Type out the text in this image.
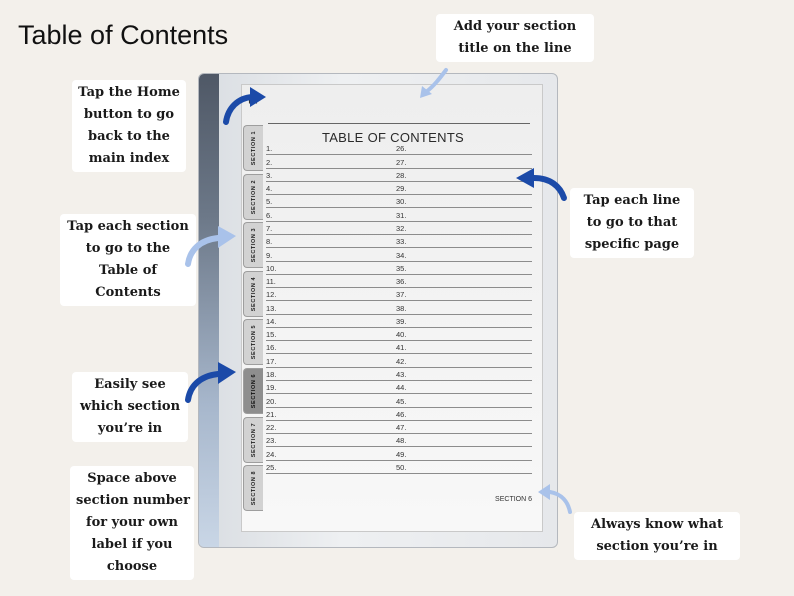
Table of Contents	Add your section
title on the line
Tap the Home
button to go
back to the
main index
Tap each section
to go to the
Table of
Contents
Tap each line
to go to that
specific page
Easily see
which section
you’re in
Space above
section number
for your own
label if you
choose
Always know what
section you’re in
TABLE OF CONTENTS
1.	26.
2.	27.
3.	28.
4.	29.
5.	30.
6.	31.
7.	32.
8.	33.
9.	34.
10.	35.
11.	36.
12.	37.
13.	38.
14.	39.
15.	40.
16.	41.
17.	42.
18.	43.
19.	44.
20.	45.
21.	46.
22.	47.
23.	48.
24.	49.
25.	50.
SECTION 6
SECTION 1
SECTION 2
SECTION 3
SECTION 4
SECTION 5
SECTION 6
SECTION 7
SECTION 8
